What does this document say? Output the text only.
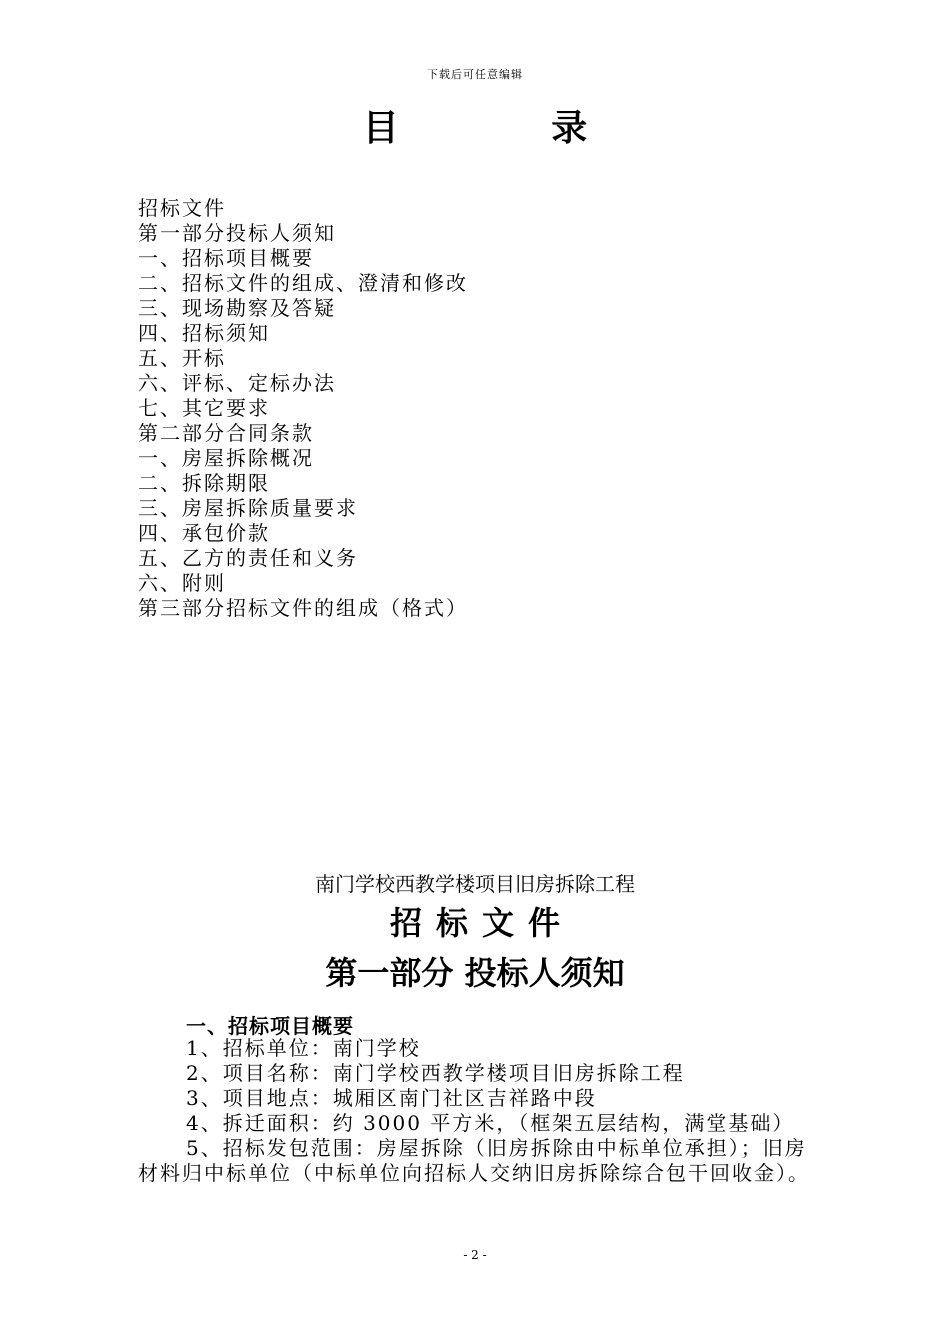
下载后可任意编辑
目 录
招标文件
第一部分投标人须知
一、招标项目概要
二、招标文件的组成、澄清和修改
三、现场勘察及答疑
四、招标须知
五、开标
六、评标、定标办法
七、其它要求
第二部分合同条款
一、房屋拆除概况
二、拆除期限
三、房屋拆除质量要求
四、承包价款
五、乙方的责任和义务
六、附则
第三部分招标文件的组成（格式）
南门学校西教学楼项目旧房拆除工程
招标文件
第一部分 投标人须知
一、招标项目概要

1、招标单位：南门学校

2、项目名称：南门学校西教学楼项目旧房拆除工程

3、项目地点：城厢区南门社区吉祥路中段

4、拆迁面积：约 3000 平方米，（框架五层结构，满堂基础）

5、招标发包范围：房屋拆除（旧房拆除由中标单位承担）；旧房材料归中标单位（中标单位向招标人交纳旧房拆除综合包干回收金）。

- 2 -
